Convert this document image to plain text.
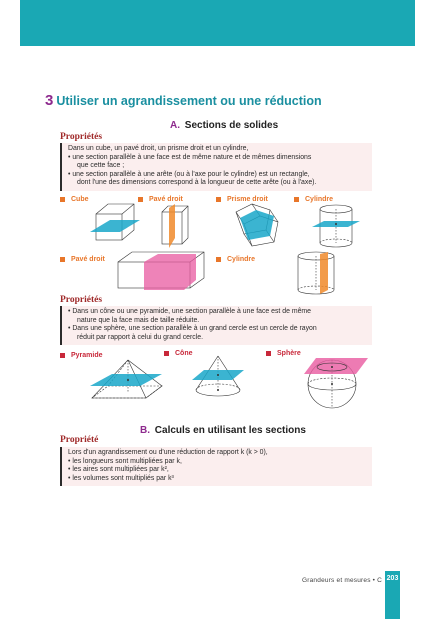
3 Utiliser un agrandissement ou une réduction
A. Sections de solides
Propriétés
Dans un cube, un pavé droit, un prisme droit et un cylindre,
• une section parallèle à une face est de même nature et de mêmes dimensions
que cette face ;
• une section parallèle à une arête (ou à l'axe pour le cylindre) est un rectangle,
dont l'une des dimensions correspond à la longueur de cette arête (ou à l'axe).
Cube	Pavé droit	Prisme droit	Cylindre
Pavé droit	Cylindre
Propriétés
• Dans un cône ou une pyramide, une section parallèle à une face est de même
nature que la face mais de taille réduite.
• Dans une sphère, une section parallèle à un grand cercle est un cercle de rayon
réduit par rapport à celui du grand cercle.
Pyramide	Cône	Sphère
B. Calculs en utilisant les sections
Propriété
Lors d'un agrandissement ou d'une réduction de rapport k (k > 0),
• les longueurs sont multipliées par k,
• les aires sont multipliées par k²,
• les volumes sont multipliés par k³
Grandeurs et mesures • C 203
